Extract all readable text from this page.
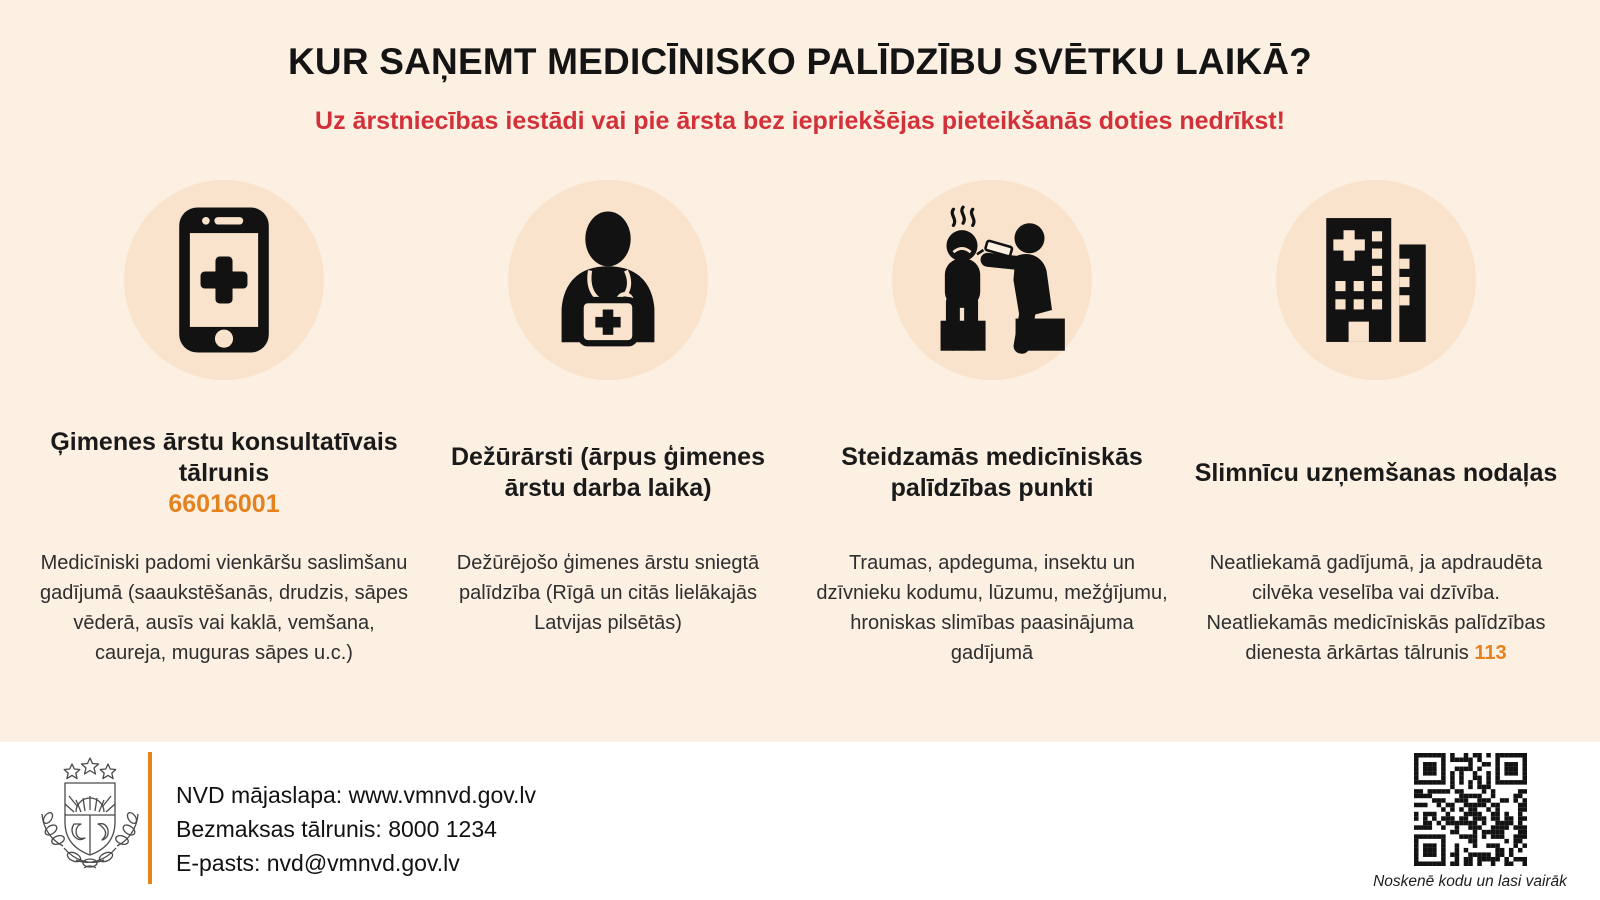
KUR SAŅEMT MEDICĪNISKO PALĪDZĪBU SVĒTKU LAIKĀ?

Uz ārstniecības iestādi vai pie ārsta bez iepriekšējas pieteikšanās doties nedrīkst!

Ģimenes ārstu konsultatīvais tālrunis
66016001

Medicīniski padomi vienkāršu saslimšanu gadījumā (saaukstēšanās, drudzis, sāpes vēderā, ausīs vai kaklā, vemšana, caureja, muguras sāpes u.c.)

Dežūrārsti (ārpus ģimenes ārstu darba laika)

Dežūrējošo ģimenes ārstu sniegtā palīdzība (Rīgā un citās lielākajās Latvijas pilsētās)

Steidzamās medicīniskās palīdzības punkti

Traumas, apdeguma, insektu un dzīvnieku kodumu, lūzumu, mežģījumu, hroniskas slimības paasinājuma gadījumā

Slimnīcu uzņemšanas nodaļas

Neatliekamā gadījumā, ja apdraudēta cilvēka veselība vai dzīvība. Neatliekamās medicīniskās palīdzības dienesta ārkārtas tālrunis 113

NVD mājaslapa: www.vmnvd.gov.lv
Bezmaksas tālrunis: 8000 1234
E-pasts: nvd@vmnvd.gov.lv

Noskenē kodu un lasi vairāk
